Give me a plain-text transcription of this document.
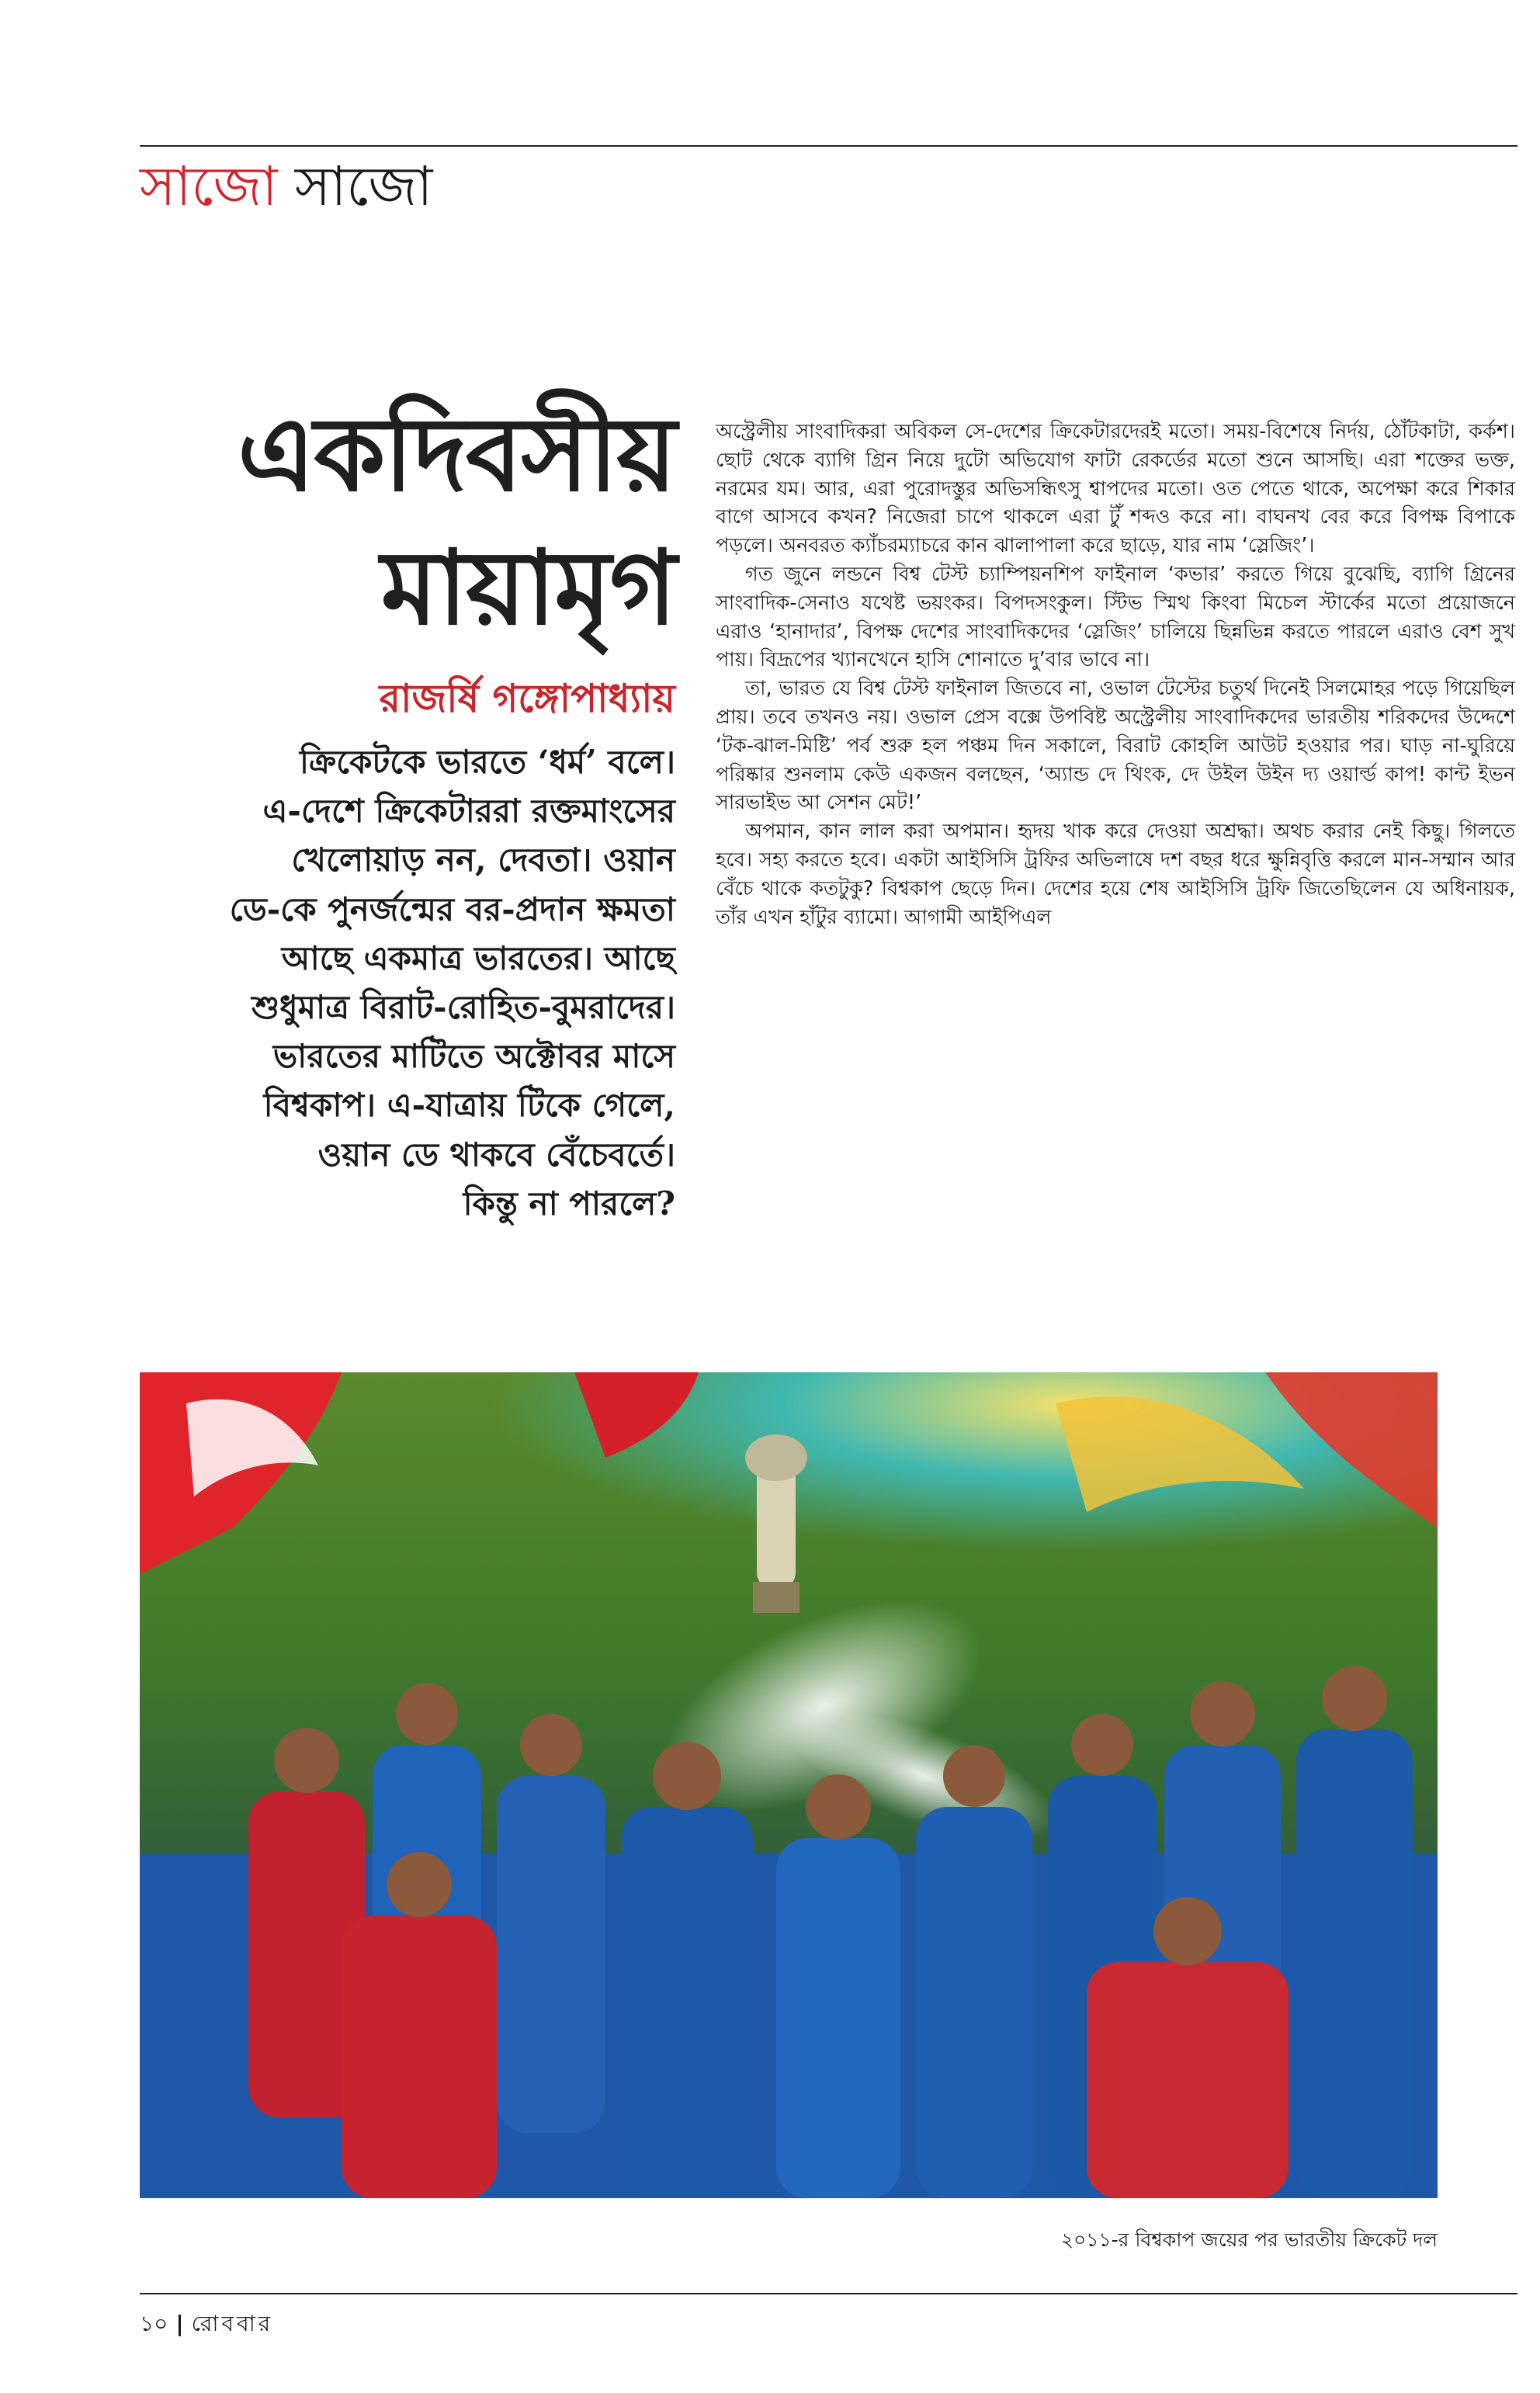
সাজো সাজো
একদিবসীয়
মায়ামৃগ
রাজর্ষি গঙ্গোপাধ্যায়
ক্রিকেটকে ভারতে ‘ধর্ম’ বলে।
এ-দেশে ক্রিকেটাররা রক্তমাংসের
খেলোয়াড় নন, দেবতা। ওয়ান
ডে-কে পুনর্জন্মের বর-প্রদান ক্ষমতা
আছে একমাত্র ভারতের। আছে
শুধুমাত্র বিরাট-রোহিত-বুমরাদের।
ভারতের মাটিতে অক্টোবর মাসে
বিশ্বকাপ। এ-যাত্রায় টিকে গেলে,
ওয়ান ডে থাকবে বেঁচেবর্তে।
কিন্তু না পারলে?

অস্ট্রেলীয় সাংবাদিকরা অবিকল সে-দেশের ক্রিকেটারদেরই মতো। সময়-বিশেষে নির্দয়, ঠোঁটকাটা, কর্কশ। ছোট থেকে ব্যাগি গ্রিন নিয়ে দুটো অভিযোগ ফাটা রেকর্ডের মতো শুনে আসছি। এরা শক্তের ভক্ত, নরমের যম। আর, এরা পুরোদস্তুর অভিসন্ধিৎসু শ্বাপদের মতো। ওত পেতে থাকে, অপেক্ষা করে শিকার বাগে আসবে কখন? নিজেরা চাপে থাকলে এরা টুঁ শব্দও করে না। বাঘনখ বের করে বিপক্ষ বিপাকে পড়লে। অনবরত ক্যাঁচরম্যাচরে কান ঝালাপালা করে ছাড়ে, যার নাম ‘স্লেজিং’।

গত জুনে লন্ডনে বিশ্ব টেস্ট চ্যাম্পিয়নশিপ ফাইনাল ‘কভার’ করতে গিয়ে বুঝেছি, ব্যাগি গ্রিনের সাংবাদিক-সেনাও যথেষ্ট ভয়ংকর। বিপদসংকুল। স্টিভ স্মিথ কিংবা মিচেল স্টার্কের মতো প্রয়োজনে এরাও ‘হানাদার’, বিপক্ষ দেশের সাংবাদিকদের ‘স্লেজিং’ চালিয়ে ছিন্নভিন্ন করতে পারলে এরাও বেশ সুখ পায়। বিদ্রূপের খ্যানখেনে হাসি শোনাতে দু’বার ভাবে না।

তা, ভারত যে বিশ্ব টেস্ট ফাইনাল জিতবে না, ওভাল টেস্টের চতুর্থ দিনেই সিলমোহর পড়ে গিয়েছিল প্রায়। তবে তখনও নয়। ওভাল প্রেস বক্সে উপবিষ্ট অস্ট্রেলীয় সাংবাদিকদের ভারতীয় শরিকদের উদ্দেশে ‘টক-ঝাল-মিষ্টি’ পর্ব শুরু হল পঞ্চম দিন সকালে, বিরাট কোহলি আউট হওয়ার পর। ঘাড় না-ঘুরিয়ে পরিষ্কার শুনলাম কেউ একজন বলছেন, ‘অ্যান্ড দে থিংক, দে উইল উইন দ্য ওয়ার্ল্ড কাপ! কান্ট ইভন সারভাইভ আ সেশন মেট!’

অপমান, কান লাল করা অপমান। হৃদয় খাক করে দেওয়া অশ্রদ্ধা। অথচ করার নেই কিছু। গিলতে হবে। সহ্য করতে হবে। একটা আইসিসি ট্রফির অভিলাষে দশ বছর ধরে ক্ষুন্নিবৃত্তি করলে মান-সম্মান আর বেঁচে থাকে কতটুকু? বিশ্বকাপ ছেড়ে দিন। দেশের হয়ে শেষ আইসিসি ট্রফি জিতেছিলেন যে অধিনায়ক, তাঁর এখন হাঁটুর ব্যামো। আগামী আইপিএল

২০১১-র বিশ্বকাপ জয়ের পর ভারতীয় ক্রিকেট দল
১০ | রোববার
